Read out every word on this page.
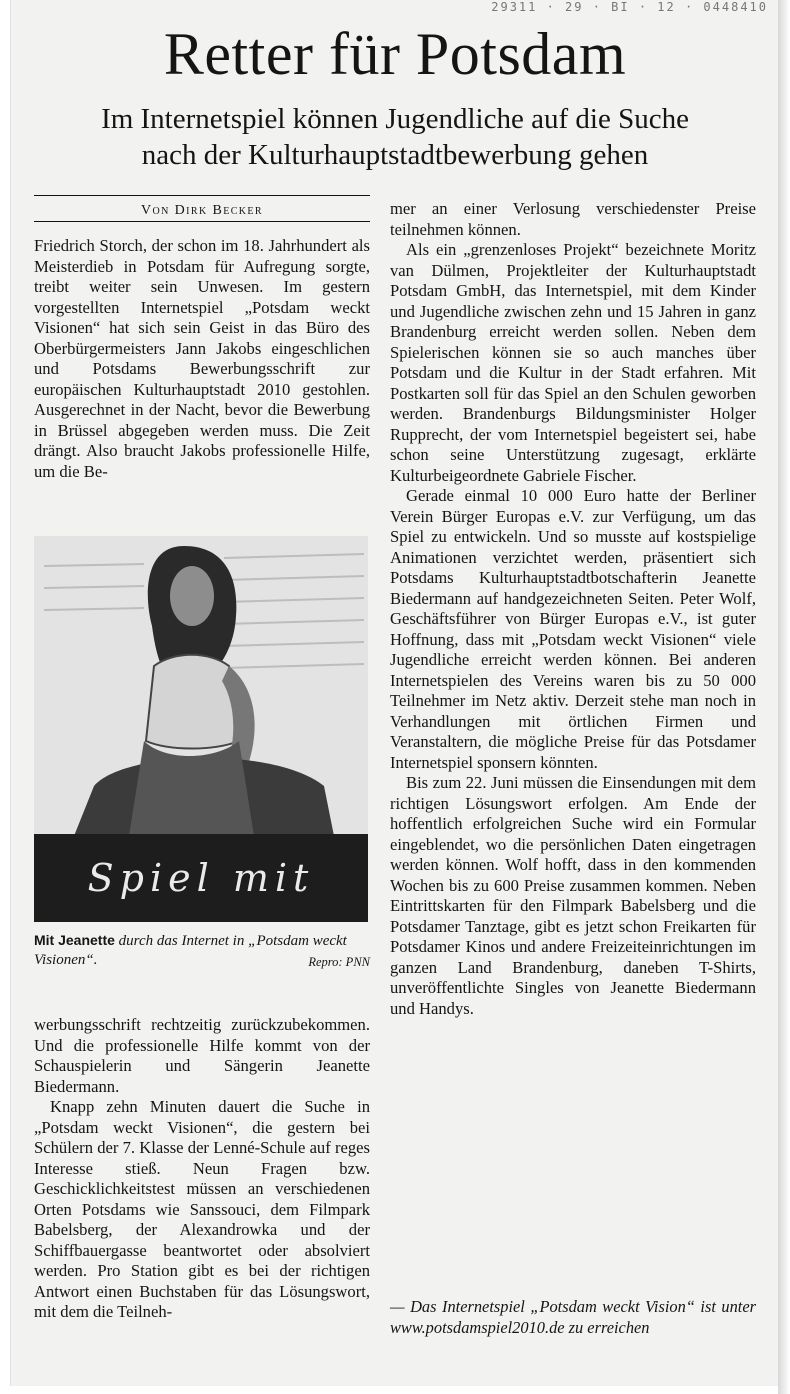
29311 · 29 · BI · 12 · 0448410
Retter für Potsdam
Im Internetspiel können Jugendliche auf die Suche
nach der Kulturhauptstadtbewerbung gehen
Von Dirk Becker

Friedrich Storch, der schon im 18. Jahrhundert als Meisterdieb in Potsdam für Aufregung sorgte, treibt weiter sein Unwesen. Im gestern vorgestellten Internetspiel „Potsdam weckt Visionen“ hat sich sein Geist in das Büro des Oberbürgermeisters Jann Jakobs eingeschlichen und Potsdams Bewerbungsschrift zur europäischen Kulturhauptstadt 2010 gestohlen. Ausgerechnet in der Nacht, bevor die Bewerbung in Brüssel abgegeben werden muss. Die Zeit drängt. Also braucht Jakobs professionelle Hilfe, um die Be-

Spiel mit
Mit Jeanette durch das Internet in „Potsdam weckt Visionen“.	Repro: PNN

werbungsschrift rechtzeitig zurückzubekommen. Und die professionelle Hilfe kommt von der Schauspielerin und Sängerin Jeanette Biedermann.

Knapp zehn Minuten dauert die Suche in „Potsdam weckt Visionen“, die gestern bei Schülern der 7. Klasse der Lenné-Schule auf reges Interesse stieß. Neun Fragen bzw. Geschicklichkeitstest müssen an verschiedenen Orten Potsdams wie Sanssouci, dem Filmpark Babelsberg, der Alexandrowka und der Schiffbauergasse beantwortet oder absolviert werden. Pro Station gibt es bei der richtigen Antwort einen Buchstaben für das Lösungswort, mit dem die Teilneh-

mer an einer Verlosung verschiedenster Preise teilnehmen können.

Als ein „grenzenloses Projekt“ bezeichnete Moritz van Dülmen, Projektleiter der Kulturhauptstadt Potsdam GmbH, das Internetspiel, mit dem Kinder und Jugendliche zwischen zehn und 15 Jahren in ganz Brandenburg erreicht werden sollen. Neben dem Spielerischen können sie so auch manches über Potsdam und die Kultur in der Stadt erfahren. Mit Postkarten soll für das Spiel an den Schulen geworben werden. Brandenburgs Bildungsminister Holger Rupprecht, der vom Internetspiel begeistert sei, habe schon seine Unterstützung zugesagt, erklärte Kulturbeigeordnete Gabriele Fischer.

Gerade einmal 10 000 Euro hatte der Berliner Verein Bürger Europas e.V. zur Verfügung, um das Spiel zu entwickeln. Und so musste auf kostspielige Animationen verzichtet werden, präsentiert sich Potsdams Kulturhauptstadtbotschafterin Jeanette Biedermann auf handgezeichneten Seiten. Peter Wolf, Geschäftsführer von Bürger Europas e.V., ist guter Hoffnung, dass mit „Potsdam weckt Visionen“ viele Jugendliche erreicht werden können. Bei anderen Internetspielen des Vereins waren bis zu 50 000 Teilnehmer im Netz aktiv. Derzeit stehe man noch in Verhandlungen mit örtlichen Firmen und Veranstaltern, die mögliche Preise für das Potsdamer Internetspiel sponsern könnten.

Bis zum 22. Juni müssen die Einsendungen mit dem richtigen Lösungswort erfolgen. Am Ende der hoffentlich erfolgreichen Suche wird ein Formular eingeblendet, wo die persönlichen Daten eingetragen werden können. Wolf hofft, dass in den kommenden Wochen bis zu 600 Preise zusammen kommen. Neben Eintrittskarten für den Filmpark Babelsberg und die Potsdamer Tanztage, gibt es jetzt schon Freikarten für Potsdamer Kinos und andere Freizeiteinrichtungen im ganzen Land Brandenburg, daneben T-Shirts, unveröffentlichte Singles von Jeanette Biedermann und Handys.

— Das Internetspiel „Potsdam weckt Vision“ ist unter www.potsdamspiel2010.de zu erreichen
